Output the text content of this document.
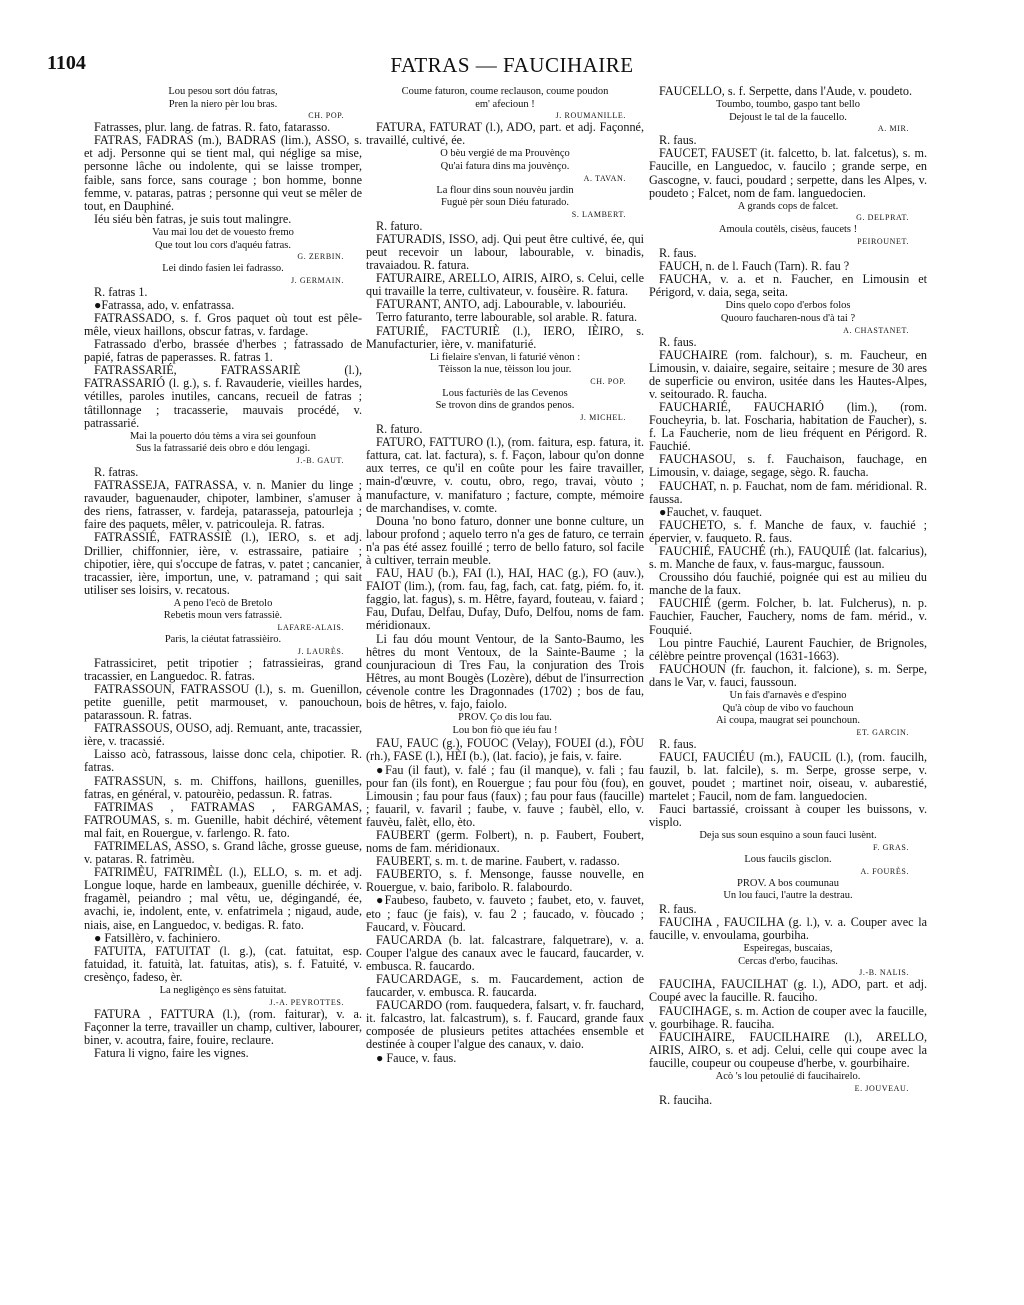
1104	FATRAS — FAUCIHAIRE
Lou pesou sort dóu fatras,
Pren la niero pèr lou bras.
CH. POP.

Fatrasses, plur. lang. de fatras. R. fato, fatarasso.

FATRAS, FADRAS (m.), BADRAS (lim.), ASSO, s. et adj. Personne qui se tient mal, qui néglige sa mise, personne lâche ou indolente, qui se laisse tromper, faible, sans force, sans courage ; bon homme, bonne femme, v. pataras, patras ; personne qui veut se mêler de tout, en Dauphiné.

Iéu siéu bèn fatras, je suis tout malingre.

Vau mai lou det de vouesto fremo
Que tout lou cors d'aquéu fatras.
G. ZERBIN.
Lei dindo fasien lei fadrasso.
J. GERMAIN.

R. fatras 1.

●Fatrassa, ado, v. enfatrassa.

FATRASSADO, s. f. Gros paquet où tout est pêle-mêle, vieux haillons, obscur fatras, v. fardage.

Fatrassado d'erbo, brassée d'herbes ; fatrassado de papié, fatras de paperasses. R. fatras 1.

FATRASSARIÉ, FATRASSARIÈ (l.), FATRASSARIÓ (l. g.), s. f. Ravauderie, vieilles hardes, vétilles, paroles inutiles, cancans, recueil de fatras ; tâtillonnage ; tracasserie, mauvais procédé, v. patrassarié.

Mai la pouerto dóu tèms a vira sei gounfoun
Sus la fatrassarié deis obro e dóu lengagi.
J.-B. GAUT.

R. fatras.

FATRASSEJA, FATRASSA, v. n. Manier du linge ; ravauder, baguenauder, chipoter, lambiner, s'amuser à des riens, fatrasser, v. fardeja, patarasseja, patourleja ; faire des paquets, mêler, v. patricouleja. R. fatras.

FATRASSIÉ, FATRASSIÈ (l.), IERO, s. et adj. Drillier, chiffonnier, ière, v. estrassaire, patiaire ; chipotier, ière, qui s'occupe de fatras, v. patet ; cancanier, tracassier, ière, importun, une, v. patramand ; qui sait utiliser ses loisirs, v. recatous.

A peno l'ecò de Bretolo
Rebetis moun vers fatrassiè.
LAFARE-ALAIS.
Paris, la ciéutat fatrassièiro.
J. LAURÈS.

Fatrassiciret, petit tripotier ; fatrassieiras, grand tracassier, en Languedoc. R. fatras.

FATRASSOUN, FATRASSOU (l.), s. m. Guenillon, petite guenille, petit marmouset, v. panouchoun, patarassoun. R. fatras.

FATRASSOUS, OUSO, adj. Remuant, ante, tracassier, ière, v. tracassié.

Laisso acò, fatrassous, laisse donc cela, chipotier. R. fatras.

FATRASSUN, s. m. Chiffons, haillons, guenilles, fatras, en général, v. patourèio, pedassun. R. fatras.

FATRIMAS , FATRAMAS , FARGAMAS, FATROUMAS, s. m. Guenille, habit déchiré, vêtement mal fait, en Rouergue, v. farlengo. R. fato.

FATRIMELAS, ASSO, s. Grand lâche, grosse gueuse, v. pataras. R. fatrimèu.

FATRIMÈU, FATRIMÈL (l.), ELLO, s. m. et adj. Longue loque, harde en lambeaux, guenille déchirée, v. fragamèl, peiandro ; mal vêtu, ue, dégingandé, ée, avachi, ie, indolent, ente, v. enfatrimela ; nigaud, aude, niais, aise, en Languedoc, v. bedigas. R. fato.

● Fatsillèro, v. fachiniero.

FATUITA, FATUITAT (l. g.), (cat. fatuitat, esp. fatuidad, it. fatuità, lat. fatuitas, atis), s. f. Fatuité, v. cresènço, fadeso, èr.

La negligènço es sèns fatuitat.
J.-A. PEYROTTES.

FATURA , FATTURA (l.), (rom. faiturar), v. a. Façonner la terre, travailler un champ, cultiver, labourer, biner, v. acoutra, faire, fouire, reclaure.

Fatura li vigno, faire les vignes.

Coume faturon, coume reclauson, coume poudon
em' afecioun !
J. ROUMANILLE.

FATURA, FATURAT (l.), ADO, part. et adj. Façonné, travaillé, cultivé, ée.

O bèu vergié de ma Prouvènço
Qu'ai fatura dins ma jouvènço.
A. TAVAN.
La flour dins soun nouvèu jardin
Fuguè pèr soun Diéu faturado.
S. LAMBERT.

R. faturo.

FATURADIS, ISSO, adj. Qui peut être cultivé, ée, qui peut recevoir un labour, labourable, v. binadis, travaiadou. R. fatura.

FATURAIRE, ARELLO, AIRIS, AIRO, s. Celui, celle qui travaille la terre, cultivateur, v. fousèire. R. fatura.

FATURANT, ANTO, adj. Labourable, v. labouriéu.

Terro faturanto, terre labourable, sol arable. R. fatura.

FATURIÉ, FACTURIÈ (l.), IERO, IÈIRO, s. Manufacturier, ière, v. manifaturié.

Li fielaire s'envan, li faturié vènon :
Tèisson la nue, tèisson lou jour.
CH. POP.
Lous facturiès de las Cevenos
Se trovon dins de grandos penos.
J. MICHEL.

R. faturo.

FATURO, FATTURO (l.), (rom. faitura, esp. fatura, it. fattura, cat. lat. factura), s. f. Façon, labour qu'on donne aux terres, ce qu'il en coûte pour les faire travailler, main-d'œuvre, v. coutu, obro, rego, travai, vòuto ; manufacture, v. manifaturo ; facture, compte, mémoire de marchandises, v. comte.

Douna 'no bono faturo, donner une bonne culture, un labour profond ; aquelo terro n'a ges de faturo, ce terrain n'a pas été assez fouillé ; terro de bello faturo, sol facile à cultiver, terrain meuble.

FAU, HAU (b.), FAI (l.), HAI, HAC (g.), FO (auv.), FAIOT (lim.), (rom. fau, fag, fach, cat. fatg, piém. fo, it. faggio, lat. fagus), s. m. Hêtre, fayard, fouteau, v. faiard ; Fau, Dufau, Delfau, Dufay, Dufo, Delfou, noms de fam. méridionaux.

Li fau dóu mount Ventour, de la Santo-Baumo, les hêtres du mont Ventoux, de la Sainte-Baume ; la counjuracioun di Tres Fau, la conjuration des Trois Hêtres, au mont Bougès (Lozère), début de l'insurrection cévenole contre les Dragonnades (1702) ; bos de fau, bois de hêtres, v. fajo, faiolo.

PROV. Ço dis lou fau.
Lou bon fiò que iéu fau !

FAU, FAUC (g.), FOUOC (Velay), FOUEI (d.), FÒU (rh.), FASE (l.), HÈI (b.), (lat. facio), je fais, v. faire.

●Fau (il faut), v. falé ; fau (il manque), v. fali ; fau pour fan (ils font), en Rouergue ; fau pour fòu (fou), en Limousin ; fau pour faus (faux) ; fau pour faus (faucille) ; fauaril, v. favaril ; faube, v. fauve ; faubèl, ello, v. fauvèu, falèt, ello, èto.

FAUBERT (germ. Folbert), n. p. Faubert, Foubert, noms de fam. méridionaux.

FAUBERT, s. m. t. de marine. Faubert, v. radasso.

FAUBERTO, s. f. Mensonge, fausse nouvelle, en Rouergue, v. baio, faribolo. R. falabourdo.

●Faubeso, faubeto, v. fauveto ; faubet, eto, v. fauvet, eto ; fauc (je fais), v. fau 2 ; faucado, v. fòucado ; Faucard, v. Fòucard.

FAUCARDA (b. lat. falcastrare, falquetrare), v. a. Couper l'algue des canaux avec le faucard, faucarder, v. embusca. R. faucardo.

FAUCARDAGE, s. m. Faucardement, action de faucarder, v. embusca. R. faucarda.

FAUCARDO (rom. fauquedera, falsart, v. fr. fauchard, it. falcastro, lat. falcastrum), s. f. Faucard, grande faux composée de plusieurs petites attachées ensemble et destinée à couper l'algue des canaux, v. daio.

● Fauce, v. faus.

FAUCELLO, s. f. Serpette, dans l'Aude, v. poudeto.

Toumbo, toumbo, gaspo tant bello
Dejoust le tal de la faucello.
A. MIR.

R. faus.

FAUCET, FAUSET (it. falcetto, b. lat. falcetus), s. m. Faucille, en Languedoc, v. faucilo ; grande serpe, en Gascogne, v. fauci, poudard ; serpette, dans les Alpes, v. poudeto ; Falcet, nom de fam. languedocien.

A grands cops de falcet.
G. DELPRAT.
Amoula coutèls, cisèus, faucets !
PEIROUNET.

R. faus.

FAUCH, n. de l. Fauch (Tarn). R. fau ?

FAUCHA, v. a. et n. Faucher, en Limousin et Périgord, v. daia, sega, seita.

Dins quelo copo d'erbos folos
Quouro faucharen-nous d'à tai ?
A. CHASTANET.

R. faus.

FAUCHAIRE (rom. falchour), s. m. Faucheur, en Limousin, v. daiaire, segaire, seitaire ; mesure de 30 ares de superficie ou environ, usitée dans les Hautes-Alpes, v. seitourado. R. faucha.

FAUCHARIÉ, FAUCHARIÓ (lim.), (rom. Foucheyria, b. lat. Foscharia, habitation de Faucher), s. f. La Faucherie, nom de lieu fréquent en Périgord. R. Fauchié.

FAUCHASOU, s. f. Fauchaison, fauchage, en Limousin, v. daiage, segage, sègo. R. faucha.

FAUCHAT, n. p. Fauchat, nom de fam. méridional. R. faussa.

●Fauchet, v. fauquet.

FAUCHETO, s. f. Manche de faux, v. fauchié ; épervier, v. fauqueto. R. faus.

FAUCHIÉ, FAUCHÉ (rh.), FAUQUIÉ (lat. falcarius), s. m. Manche de faux, v. faus-marguc, faussoun.

Croussiho dóu fauchié, poignée qui est au milieu du manche de la faux.

FAUCHIÉ (germ. Folcher, b. lat. Fulcherus), n. p. Fauchier, Faucher, Fauchery, noms de fam. mérid., v. Fouquié.

Lou pintre Fauchié, Laurent Fauchier, de Brignoles, célèbre peintre provençal (1631-1663).

FAUCHOUN (fr. fauchon, it. falcione), s. m. Serpe, dans le Var, v. fauci, faussoun.

Un fais d'arnavès e d'espino
Qu'à còup de vibo vo fauchoun
Ai coupa, maugrat sei pounchoun.
ET. GARCIN.

R. faus.

FAUCI, FAUCIÉU (m.), FAUCIL (l.), (rom. faucilh, fauzil, b. lat. falcile), s. m. Serpe, grosse serpe, v. gouvet, poudet ; martinet noir, oiseau, v. aubarestié, martelet ; Faucil, nom de fam. languedocien.

Fauci bartassié, croissant à couper les buissons, v. visplo.

Deja sus soun esquino a soun fauci lusènt.
F. GRAS.
Lous faucils gisclon.
A. FOURÈS.
PROV. A bos coumunau
Un lou fauci, l'autre la destrau.

R. faus.

FAUCIHA , FAUCILHA (g. l.), v. a. Couper avec la faucille, v. envoulama, gourbiha.

Espeiregas, buscaias,
Cercas d'erbo, faucihas.
J.-B. NALIS.

FAUCIHA, FAUCILHAT (g. l.), ADO, part. et adj. Coupé avec la faucille. R. fauciho.

FAUCIHAGE, s. m. Action de couper avec la faucille, v. gourbihage. R. fauciha.

FAUCIHAIRE, FAUCILHAIRE (l.), ARELLO, AIRIS, AIRO, s. et adj. Celui, celle qui coupe avec la faucille, coupeur ou coupeuse d'herbe, v. gourbihaire.

Acò 's lou petoulié di faucihairelo.
E. JOUVEAU.

R. fauciha.
